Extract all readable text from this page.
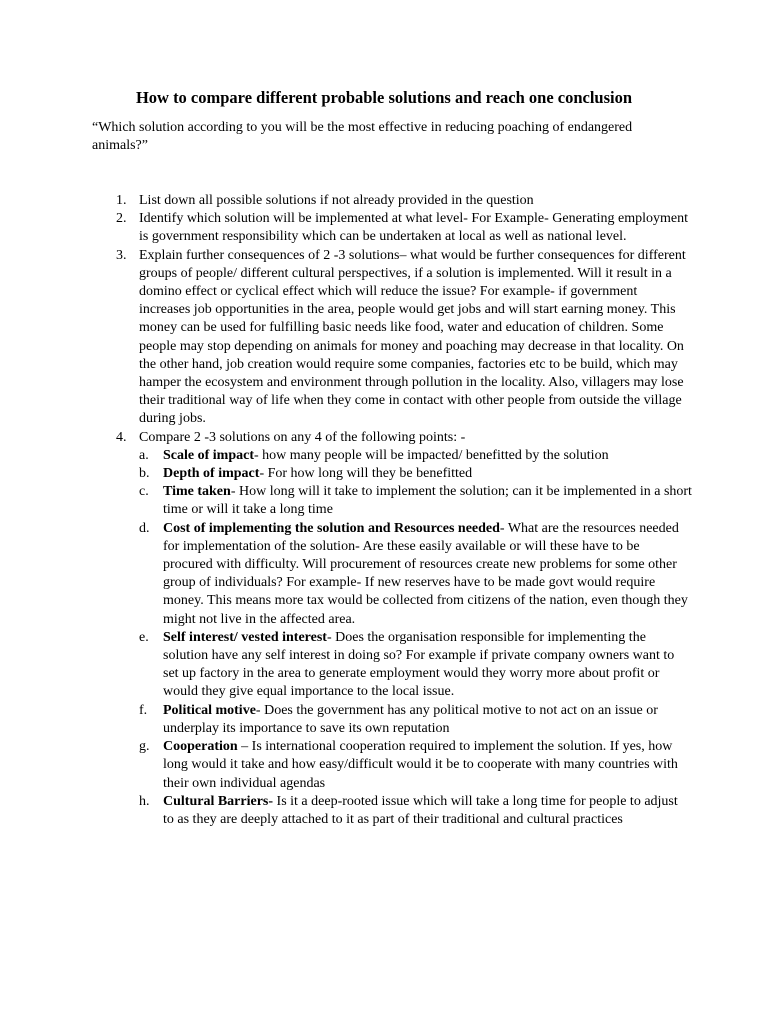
How to compare different probable solutions and reach one conclusion

“Which solution according to you will be the most effective in reducing poaching of endangered animals?”

1. List down all possible solutions if not already provided in the question
2. Identify which solution will be implemented at what level- For Example- Generating employment is government responsibility which can be undertaken at local as well as national level.
3. Explain further consequences of 2 -3 solutions– what would be further consequences for different groups of people/ different cultural perspectives, if a solution is implemented. Will it result in a domino effect or cyclical effect which will reduce the issue? For example- if government increases job opportunities in the area, people would get jobs and will start earning money. This money can be used for fulfilling basic needs like food, water and education of children. Some people may stop depending on animals for money and poaching may decrease in that locality. On the other hand, job creation would require some companies, factories etc to be build, which may hamper the ecosystem and environment through pollution in the locality. Also, villagers may lose their traditional way of life when they come in contact with other people from outside the village during jobs.
4. Compare 2 -3 solutions on any 4 of the following points: -
a. Scale of impact- how many people will be impacted/ benefitted by the solution
b. Depth of impact- For how long will they be benefitted
c. Time taken- How long will it take to implement the solution; can it be implemented in a short time or will it take a long time
d. Cost of implementing the solution and Resources needed- What are the resources needed for implementation of the solution- Are these easily available or will these have to be procured with difficulty. Will procurement of resources create new problems for some other group of individuals? For example- If new reserves have to be made govt would require money. This means more tax would be collected from citizens of the nation, even though they might not live in the affected area.
e. Self interest/ vested interest- Does the organisation responsible for implementing the solution have any self interest in doing so? For example if private company owners want to set up factory in the area to generate employment would they worry more about profit or would they give equal importance to the local issue.
f. Political motive- Does the government has any political motive to not act on an issue or underplay its importance to save its own reputation
g. Cooperation – Is international cooperation required to implement the solution. If yes, how long would it take and how easy/difficult would it be to cooperate with many countries with their own individual agendas
h. Cultural Barriers- Is it a deep-rooted issue which will take a long time for people to adjust to as they are deeply attached to it as part of their traditional and cultural practices
